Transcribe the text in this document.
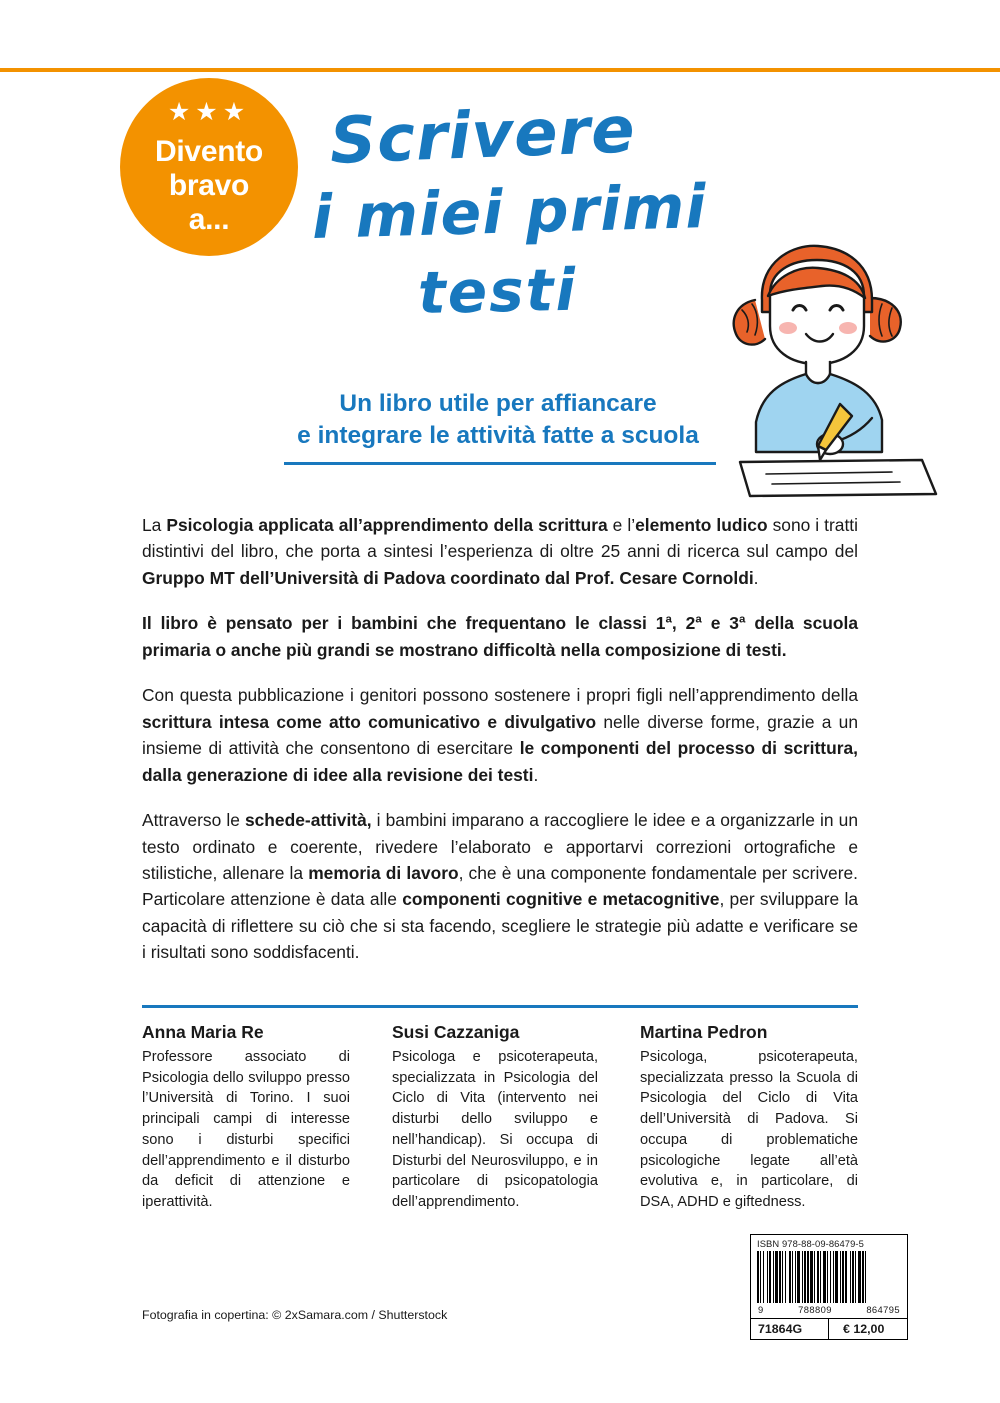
★★★
Divento
bravo
a...
Scrivere
i miei primi
testi
Un libro utile per affiancare
e integrare le attività fatte a scuola

La Psicologia applicata all’apprendimento della scrittura e l’elemento ludico sono i tratti distintivi del libro, che porta a sintesi l’esperienza di oltre 25 anni di ricerca sul campo del Gruppo MT dell’Università di Padova coordinato dal Prof. Cesare Cornoldi.

Il libro è pensato per i bambini che frequentano le classi 1ª, 2ª e 3ª della scuola primaria o anche più grandi se mostrano difficoltà nella composizione di testi.

Con questa pubblicazione i genitori possono sostenere i propri figli nell’apprendimento della scrittura intesa come atto comunicativo e divulgativo nelle diverse forme, grazie a un insieme di attività che consentono di esercitare le componenti del processo di scrittura, dalla generazione di idee alla revisione dei testi.

Attraverso le schede-attività, i bambini imparano a raccogliere le idee e a organizzarle in un testo ordinato e coerente, rivedere l’elaborato e apportarvi correzioni ortografiche e stilistiche, allenare la memoria di lavoro, che è una componente fondamentale per scrivere. Particolare attenzione è data alle componenti cognitive e metacognitive, per sviluppare la capacità di riflettere su ciò che si sta facendo, scegliere le strategie più adatte e verificare se i risultati sono soddisfacenti.

Anna Maria Re
Professore associato di Psicologia dello sviluppo presso l’Università di Torino. I suoi principali campi di interesse sono i disturbi specifici dell’apprendimento e il disturbo da deficit di attenzione e iperattività.
Susi Cazzaniga
Psicologa e psicoterapeuta, specializzata in Psicologia del Ciclo di Vita (intervento nei disturbi dello sviluppo e nell’handicap). Si occupa di Disturbi del Neurosviluppo, e in particolare di psicopatologia dell’apprendimento.
Martina Pedron
Psicologa, psicoterapeuta, specializzata presso la Scuola di Psicologia del Ciclo di Vita dell’Università di Padova. Si occupa di problematiche psicologiche legate all’età evolutiva e, in particolare, di DSA, ADHD e giftedness.
Fotografia in copertina: © 2xSamara.com / Shutterstock
ISBN 978-88-09-86479-5
9	788809	864795
71864G	€ 12,00
